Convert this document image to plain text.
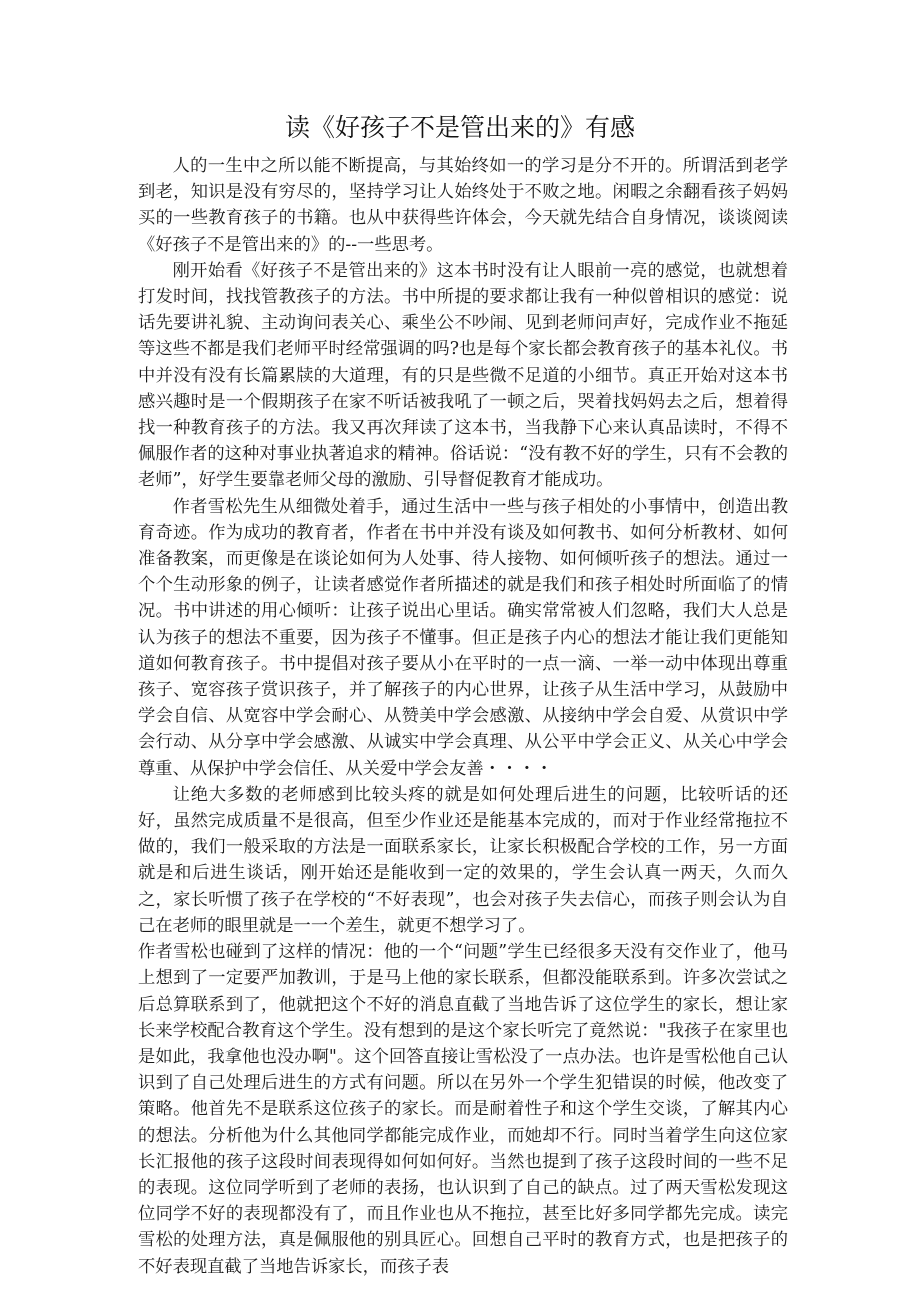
读《好孩子不是管出来的》有感

人的一生中之所以能不断提高，与其始终如一的学习是分不开的。所谓活到老学到老，知识是没有穷尽的，坚持学习让人始终处于不败之地。闲暇之余翻看孩子妈妈买的一些教育孩子的书籍。也从中获得些许体会，今天就先结合自身情况，谈谈阅读《好孩子不是管出来的》的--一些思考。

刚开始看《好孩子不是管出来的》这本书时没有让人眼前一亮的感觉，也就想着打发时间，找找管教孩子的方法。书中所提的要求都让我有一种似曾相识的感觉：说话先要讲礼貌、主动询问表关心、乘坐公不吵闹、见到老师问声好，完成作业不拖延等这些不都是我们老师平时经常强调的吗?也是每个家长都会教育孩子的基本礼仪。书中并没有没有长篇累牍的大道理，有的只是些微不足道的小细节。真正开始对这本书感兴趣时是一个假期孩子在家不听话被我吼了一顿之后，哭着找妈妈去之后，想着得找一种教育孩子的方法。我又再次拜读了这本书，当我静下心来认真品读时，不得不佩服作者的这种对事业执著追求的精神。俗话说：“没有教不好的学生，只有不会教的老师”，好学生要靠老师父母的激励、引导督促教育才能成功。

作者雪松先生从细微处着手，通过生活中一些与孩子相处的小事情中，创造出教育奇迹。作为成功的教育者，作者在书中并没有谈及如何教书、如何分析教材、如何准备教案，而更像是在谈论如何为人处事、待人接物、如何倾听孩子的想法。通过一个个生动形象的例子，让读者感觉作者所描述的就是我们和孩子相处时所面临了的情况。书中讲述的用心倾听：让孩子说出心里话。确实常常被人们忽略，我们大人总是认为孩子的想法不重要，因为孩子不懂事。但正是孩子内心的想法才能让我们更能知道如何教育孩子。书中提倡对孩子要从小在平时的一点一滴、一举一动中体现出尊重孩子、宽容孩子赏识孩子，并了解孩子的内心世界，让孩子从生活中学习，从鼓励中学会自信、从宽容中学会耐心、从赞美中学会感激、从接纳中学会自爱、从赏识中学会行动、从分享中学会感激、从诚实中学会真理、从公平中学会正义、从关心中学会尊重、从保护中学会信任、从关爱中学会友善・・・・

让绝大多数的老师感到比较头疼的就是如何处理后进生的问题，比较听话的还好，虽然完成质量不是很高，但至少作业还是能基本完成的，而对于作业经常拖拉不做的，我们一般采取的方法是一面联系家长，让家长积极配合学校的工作，另一方面就是和后进生谈话，刚开始还是能收到一定的效果的，学生会认真一两天，久而久之，家长听惯了孩子在学校的“不好表现”，也会对孩子失去信心，而孩子则会认为自己在老师的眼里就是一一个差生，就更不想学习了。

作者雪松也碰到了这样的情况：他的一个“问题”学生已经很多天没有交作业了，他马上想到了一定要严加教训，于是马上他的家长联系，但都没能联系到。许多次尝试之后总算联系到了，他就把这个不好的消息直截了当地告诉了这位学生的家长，想让家长来学校配合教育这个学生。没有想到的是这个家长听完了竟然说："我孩子在家里也是如此，我拿他也没办啊"。这个回答直接让雪松没了一点办法。也许是雪松他自己认识到了自己处理后进生的方式有问题。所以在另外一个学生犯错误的时候，他改变了策略。他首先不是联系这位孩子的家长。而是耐着性子和这个学生交谈，了解其内心的想法。分析他为什么其他同学都能完成作业，而她却不行。同时当着学生向这位家长汇报他的孩子这段时间表现得如何如何好。当然也提到了孩子这段时间的一些不足的表现。这位同学听到了老师的表扬，也认识到了自己的缺点。过了两天雪松发现这位同学不好的表现都没有了，而且作业也从不拖拉，甚至比好多同学都先完成。读完雪松的处理方法，真是佩服他的别具匠心。回想自己平时的教育方式，也是把孩子的不好表现直截了当地告诉家长，而孩子表
